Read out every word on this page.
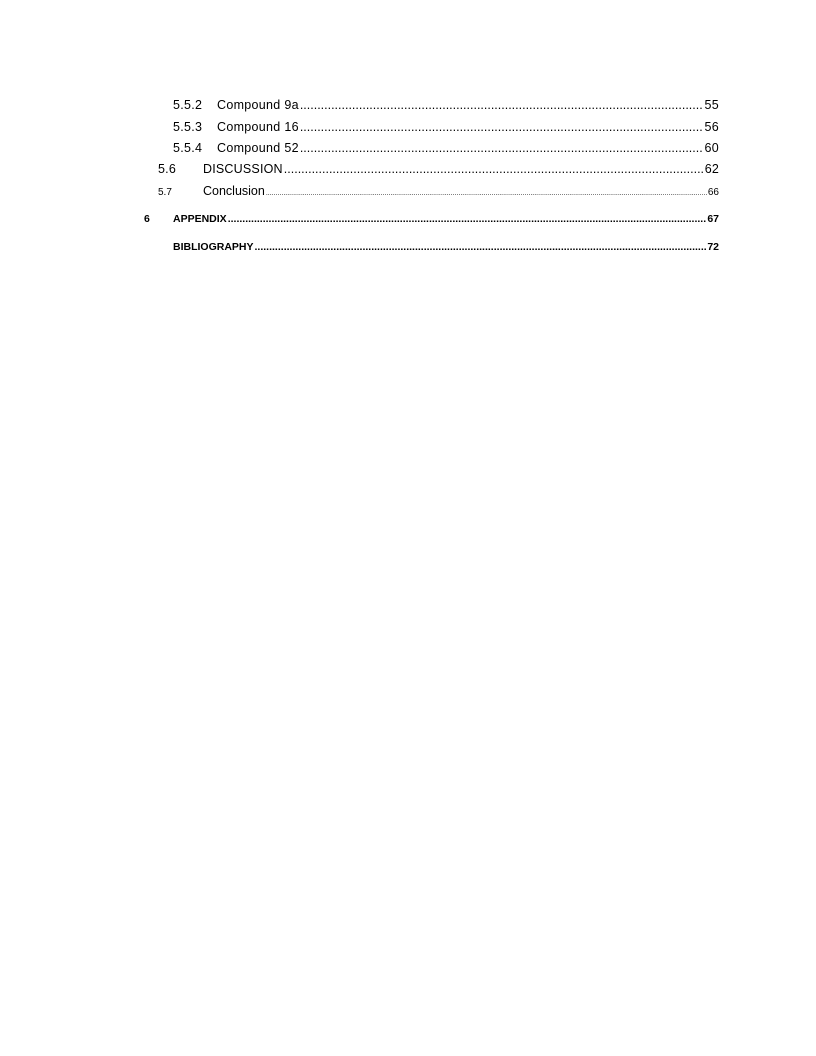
5.5.2	Compound 9a .....	55
5.5.3	Compound 16 .....	56
5.5.4	Compound 52 .....	60
5.6	DISCUSSION .....	62
5.7	Conclusion .....	66
6	APPENDIX .....	67
BIBLIOGRAPHY .....	72
